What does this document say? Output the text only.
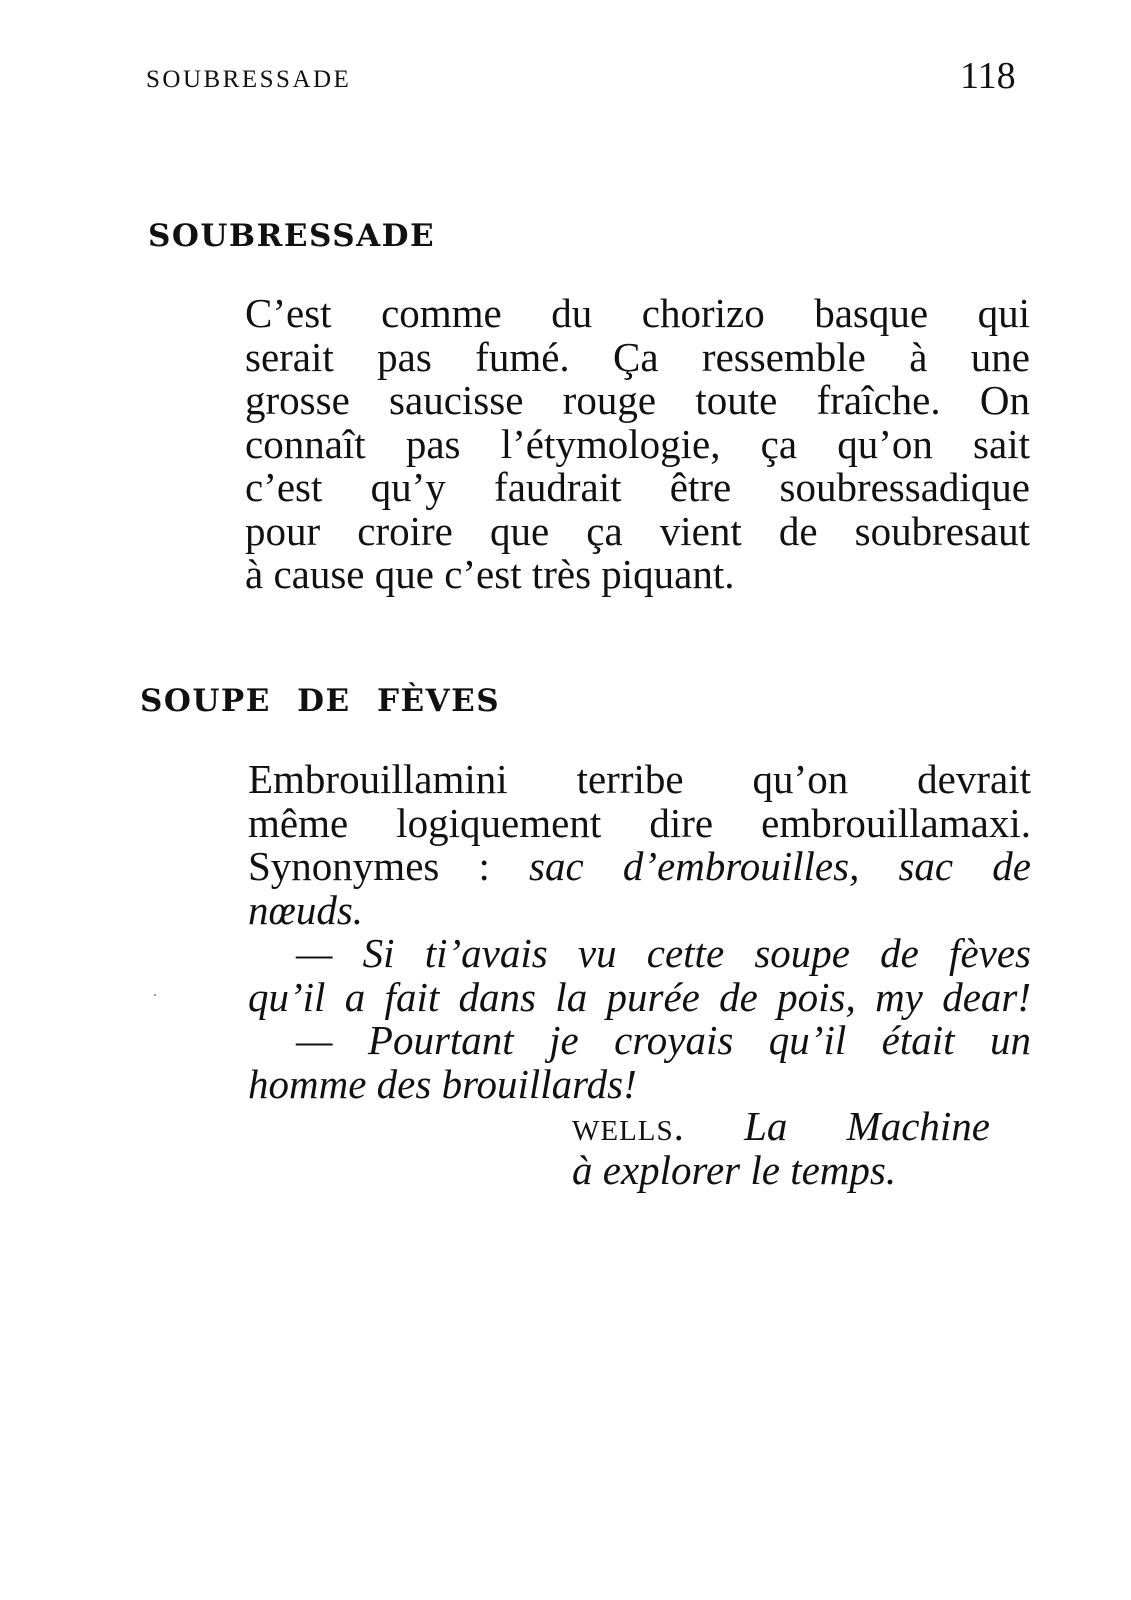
SOUBRESSADE	118
SOUBRESSADE
C’est comme du chorizo basque qui
serait pas fumé. Ça ressemble à une
grosse saucisse rouge toute fraîche. On
connaît pas l’étymologie, ça qu’on sait
c’est qu’y faudrait être soubressadique
pour croire que ça vient de soubresaut
à cause que c’est très piquant.
SOUPE DE FÈVES
Embrouillamini terribe qu’on devrait
même logiquement dire embrouillamaxi.
Synonymes : sac d’embrouilles, sac de
nœuds.
— Si ti’avais vu cette soupe de fèves
qu’il a fait dans la purée de pois, my dear!
— Pourtant je croyais qu’il était un
homme des brouillards!
wells. La Machine
à explorer le temps.
